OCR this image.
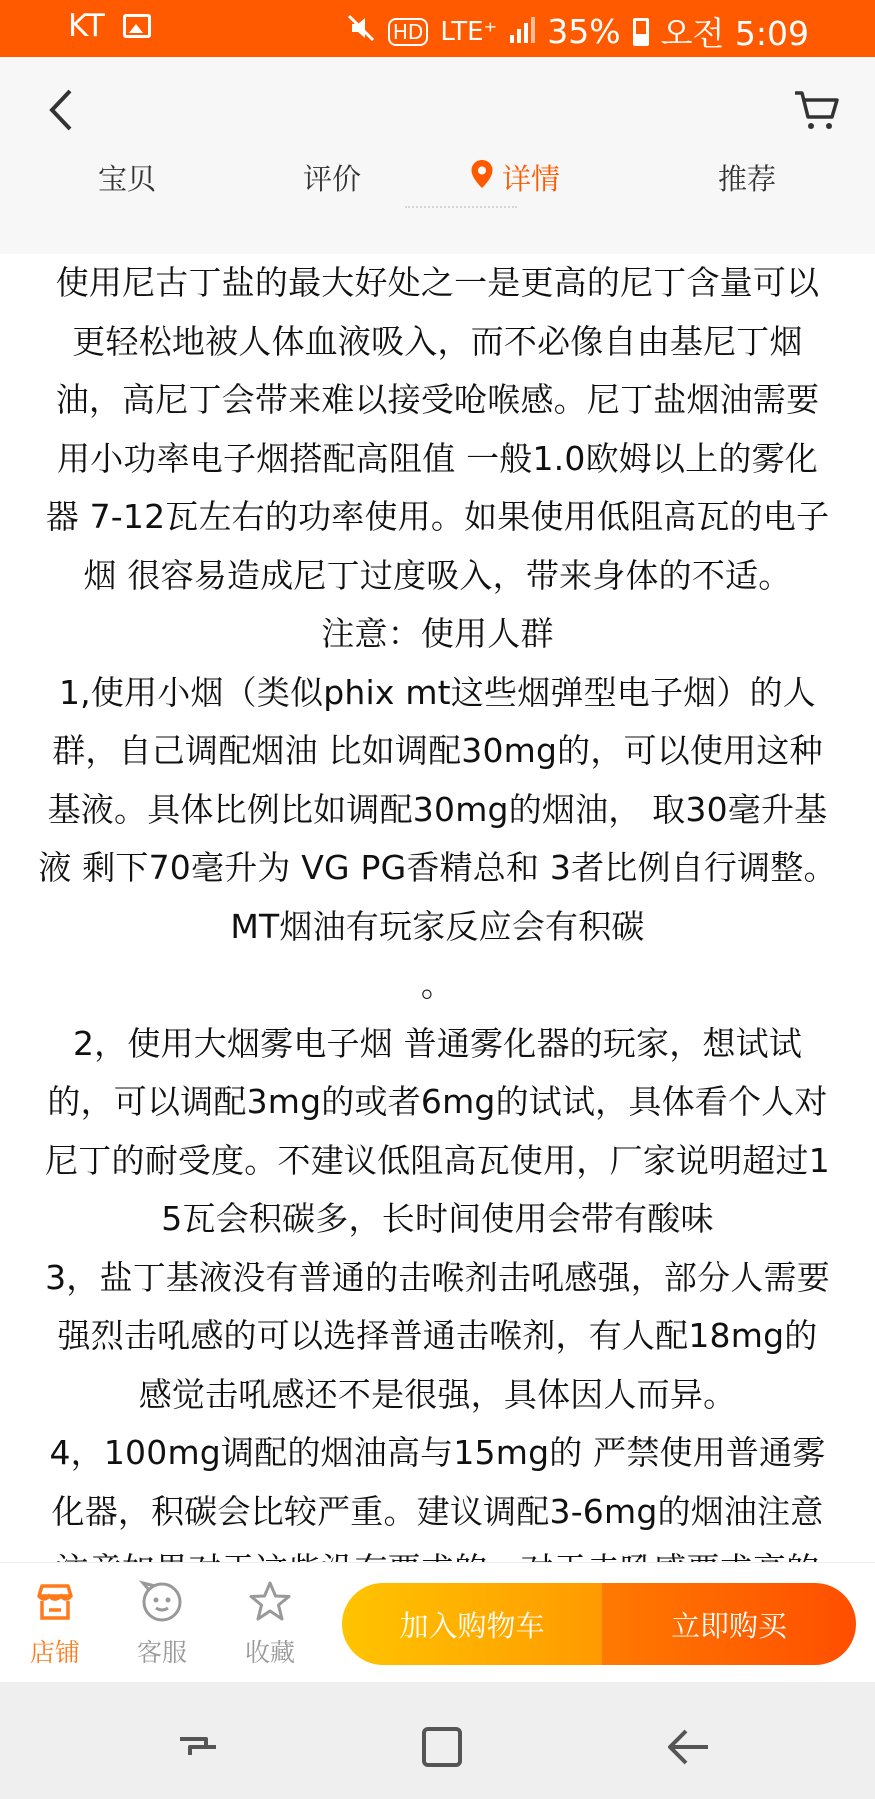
KT	HD LTE⁺ 35% 오전 5:09
宝贝	评价	详情	推荐
使用尼古丁盐的最大好处之一是更高的尼丁含量可以
更轻松地被人体血液吸入，而不必像自由基尼丁烟
油，高尼丁会带来难以接受呛喉感。尼丁盐烟油需要
用小功率电子烟搭配高阻值 一般1.0欧姆以上的雾化
器 7-12瓦左右的功率使用。如果使用低阻高瓦的电子
烟 很容易造成尼丁过度吸入，带来身体的不适。
注意：使用人群
1,使用小烟（类似phix mt这些烟弹型电子烟）的人
群，自己调配烟油 比如调配30mg的，可以使用这种
基液。具体比例比如调配30mg的烟油， 取30毫升基
液 剩下70毫升为 VG PG香精总和 3者比例自行调整。
MT烟油有玩家反应会有积碳
。
2，使用大烟雾电子烟 普通雾化器的玩家，想试试
的，可以调配3mg的或者6mg的试试，具体看个人对
尼丁的耐受度。不建议低阻高瓦使用，厂家说明超过1
5瓦会积碳多，长时间使用会带有酸味
3，盐丁基液没有普通的击喉剂击吼感强，部分人需要
强烈击吼感的可以选择普通击喉剂，有人配18mg的
感觉击吼感还不是很强，具体因人而异。
4，100mg调配的烟油高与15mg的 严禁使用普通雾
化器，积碳会比较严重。建议调配3-6mg的烟油注意
店铺	客服	收藏
加入购物车	立即购买
